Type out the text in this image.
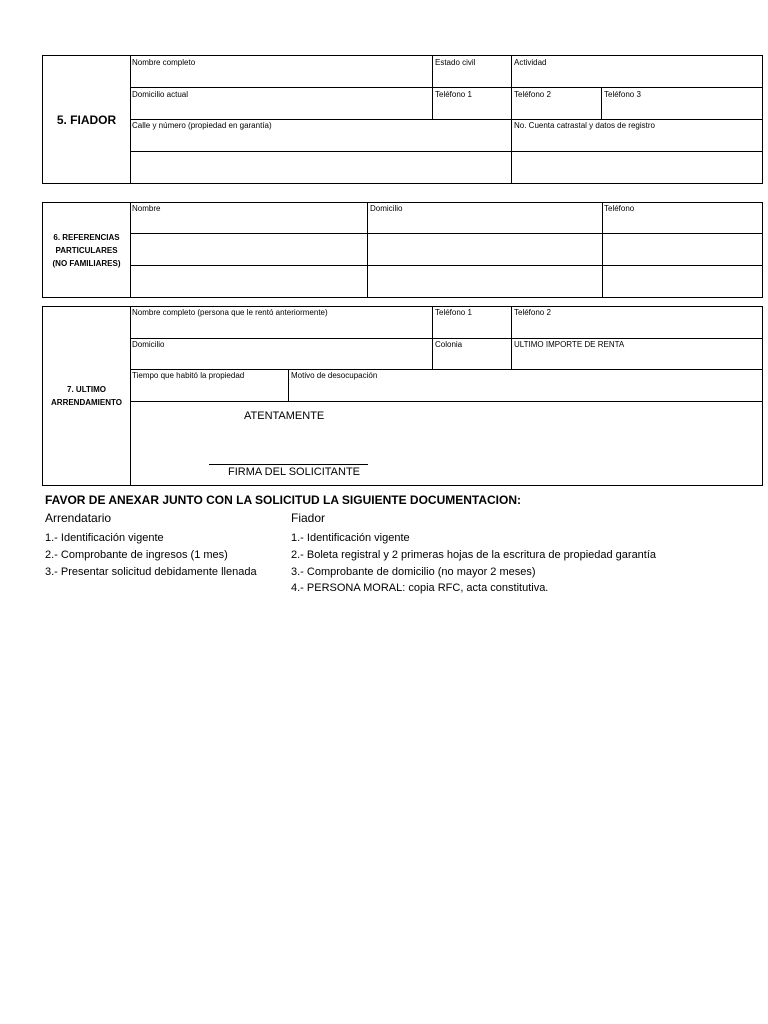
5. FIADOR
Nombre completo	Estado civil	Actividad
Domicilio actual	Teléfono 1	Teléfono 2	Teléfono 3
Calle y número (propiedad en garantía)	No. Cuenta catrastal y datos de registro
6. REFERENCIAS
PARTICULARES
(NO FAMILIARES)
Nombre	Domicilio	Teléfono
7. ULTIMO
ARRENDAMIENTO
Nombre completo (persona que le rentó anteriormente)	Teléfono 1	Teléfono 2
Domicilio	Colonia	ULTIMO IMPORTE DE RENTA
Tiempo que habitó la propiedad	Motivo de desocupación
ATENTAMENTE
FIRMA DEL SOLICITANTE
FAVOR DE ANEXAR JUNTO CON LA SOLICITUD LA SIGUIENTE DOCUMENTACION:
Arrendatario
1.- Identificación vigente
2.- Comprobante de ingresos (1 mes)
3.- Presentar solicitud debidamente llenada
Fiador
1.- Identificación vigente
2.- Boleta registral y 2 primeras hojas de la escritura de propiedad garantía
3.- Comprobante de domicilio (no mayor 2 meses)
4.- PERSONA MORAL: copia RFC, acta constitutiva.
